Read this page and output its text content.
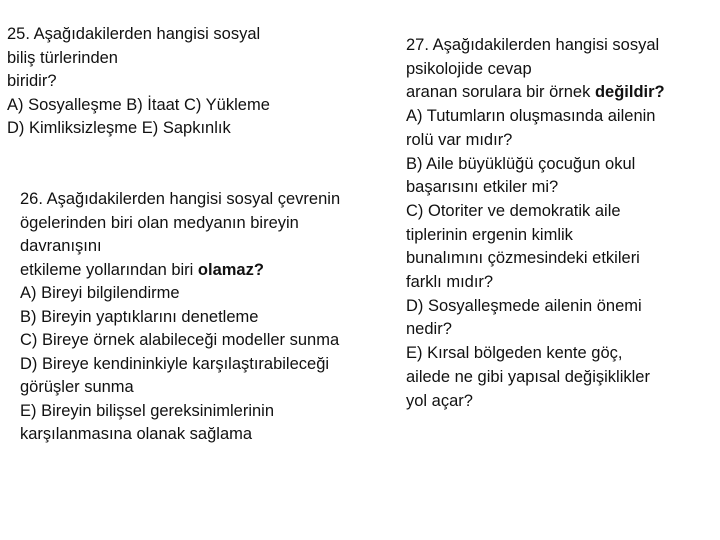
25. Aşağıdakilerden hangisi sosyal
biliş türlerinden
biridir?
A) Sosyalleşme B) İtaat C) Yükleme
D) Kimliksizleşme E) Sapkınlık
26. Aşağıdakilerden hangisi sosyal çevrenin
ögelerinden biri olan medyanın bireyin
davranışını
etkileme yollarından biri olamaz?
A) Bireyi bilgilendirme
B) Bireyin yaptıklarını denetleme
C) Bireye örnek alabileceği modeller sunma
D) Bireye kendininkiyle karşılaştırabileceği
görüşler sunma
E) Bireyin bilişsel gereksinimlerinin
karşılanmasına olanak sağlama
27. Aşağıdakilerden hangisi sosyal
psikolojide cevap
aranan sorulara bir örnek değildir?
A) Tutumların oluşmasında ailenin
rolü var mıdır?
B) Aile büyüklüğü çocuğun okul
başarısını etkiler mi?
C) Otoriter ve demokratik aile
tiplerinin ergenin kimlik
bunalımını çözmesindeki etkileri
farklı mıdır?
D) Sosyalleşmede ailenin önemi
nedir?
E) Kırsal bölgeden kente göç,
ailede ne gibi yapısal değişiklikler
yol açar?
